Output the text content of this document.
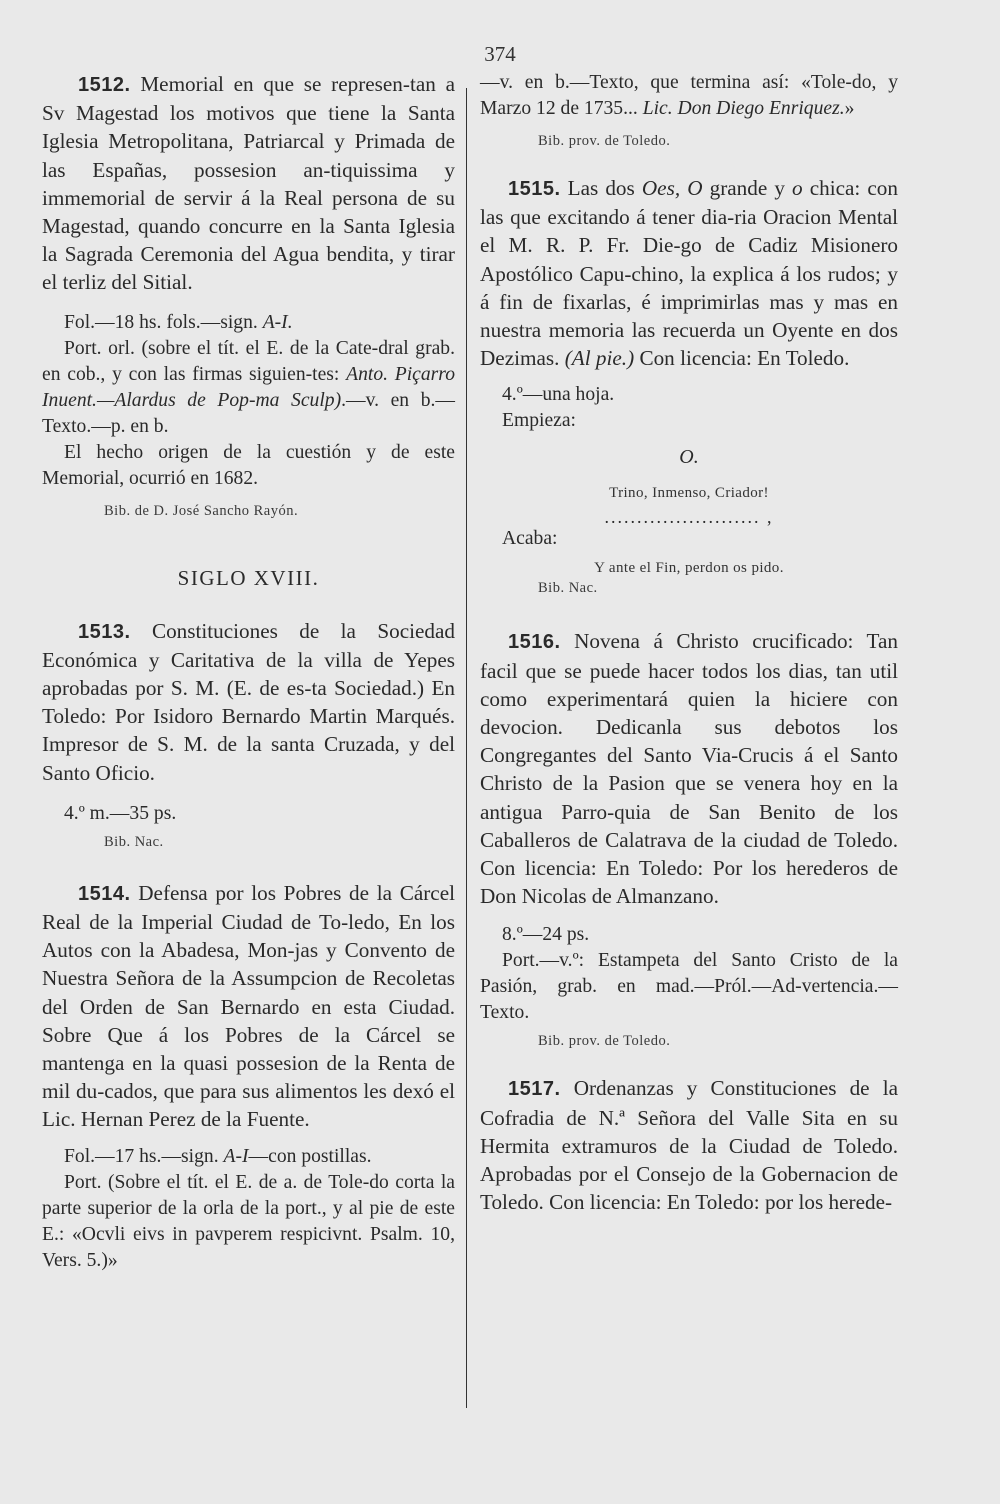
374

1512. Memorial en que se represen-tan a Sv Magestad los motivos que tiene la Santa Iglesia Metropolitana, Patriarcal y Primada de las Españas, possesion an-tiquissima y immemorial de servir á la Real persona de su Magestad, quando concurre en la Santa Iglesia la Sagrada Ceremonia del Agua bendita, y tirar el terliz del Sitial.

Fol.—18 hs. fols.—sign. A-I.

Port. orl. (sobre el tít. el E. de la Cate-dral grab. en cob., y con las firmas siguien-tes: Anto. Piçarro Inuent.—Alardus de Pop-ma Sculp).—v. en b.—Texto.—p. en b.

El hecho origen de la cuestión y de este Memorial, ocurrió en 1682.

Bib. de D. José Sancho Rayón.

SIGLO XVIII.

1513. Constituciones de la Sociedad Económica y Caritativa de la villa de Yepes aprobadas por S. M. (E. de es-ta Sociedad.) En Toledo: Por Isidoro Bernardo Martin Marqués. Impresor de S. M. de la santa Cruzada, y del Santo Oficio.

4.º m.—35 ps.

Bib. Nac.

1514. Defensa por los Pobres de la Cárcel Real de la Imperial Ciudad de To-ledo, En los Autos con la Abadesa, Mon-jas y Convento de Nuestra Señora de la Assumpcion de Recoletas del Orden de San Bernardo en esta Ciudad. Sobre Que á los Pobres de la Cárcel se mantenga en la quasi possesion de la Renta de mil du-cados, que para sus alimentos les dexó el Lic. Hernan Perez de la Fuente.

Fol.—17 hs.—sign. A-I—con postillas.

Port. (Sobre el tít. el E. de a. de Tole-do corta la parte superior de la orla de la port., y al pie de este E.: «Ocvli eivs in pavperem respicivnt. Psalm. 10, Vers. 5.)»

—v. en b.—Texto, que termina así: «Tole-do, y Marzo 12 de 1735... Lic. Don Diego Enriquez.»

Bib. prov. de Toledo.

1515. Las dos Oes, O grande y o chica: con las que excitando á tener dia-ria Oracion Mental el M. R. P. Fr. Die-go de Cadiz Misionero Apostólico Capu-chino, la explica á los rudos; y á fin de fixarlas, é imprimirlas mas y mas en nuestra memoria las recuerda un Oyente en dos Dezimas. (Al pie.) Con licencia: En Toledo.

4.º—una hoja.

Empieza:

O.

Trino, Inmenso, Criador!

........................ ,

Acaba:

Y ante el Fin, perdon os pido.

Bib. Nac.

1516. Novena á Christo crucificado: Tan facil que se puede hacer todos los dias, tan util como experimentará quien la hiciere con devocion. Dedicanla sus debotos los Congregantes del Santo Via-Crucis á el Santo Christo de la Pasion que se venera hoy en la antigua Parro-quia de San Benito de los Caballeros de Calatrava de la ciudad de Toledo. Con licencia: En Toledo: Por los herederos de Don Nicolas de Almanzano.

8.º—24 ps.

Port.—v.º: Estampeta del Santo Cristo de la Pasión, grab. en mad.—Pról.—Ad-vertencia.—Texto.

Bib. prov. de Toledo.

1517. Ordenanzas y Constituciones de la Cofradia de N.ª Señora del Valle Sita en su Hermita extramuros de la Ciudad de Toledo. Aprobadas por el Consejo de la Gobernacion de Toledo. Con licencia: En Toledo: por los herede-
